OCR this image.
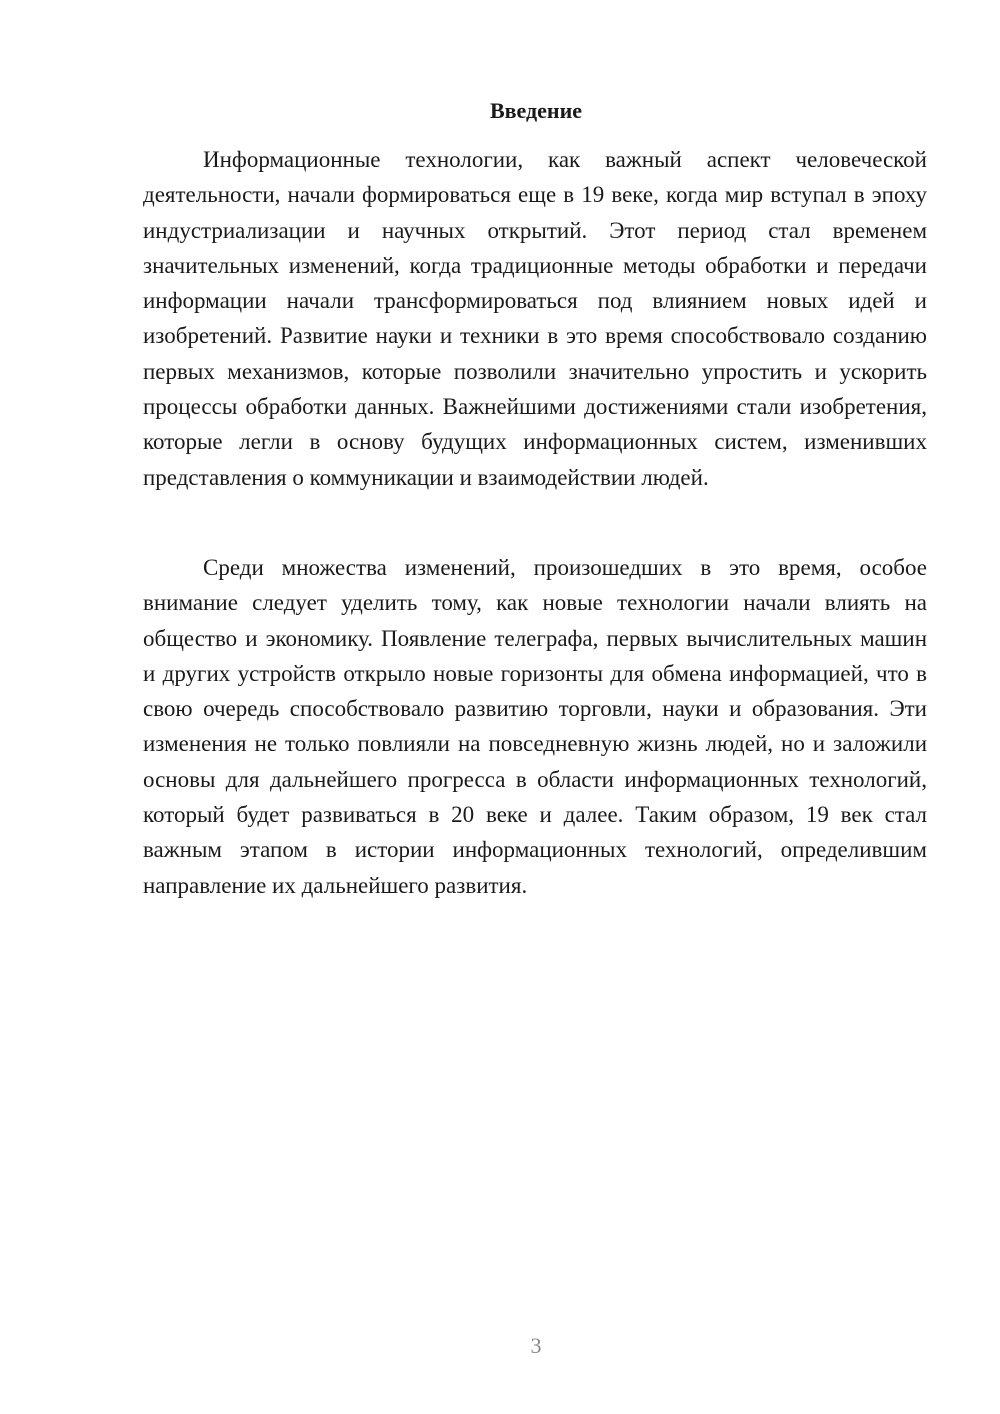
Введение

Информационные технологии, как важный аспект человеческой деятельности, начали формироваться еще в 19 веке, когда мир вступал в эпоху индустриализации и научных открытий. Этот период стал временем значительных изменений, когда традиционные методы обработки и передачи информации начали трансформироваться под влиянием новых идей и изобретений. Развитие науки и техники в это время способствовало созданию первых механизмов, которые позволили значительно упростить и ускорить процессы обработки данных. Важнейшими достижениями стали изобретения, которые легли в основу будущих информационных систем, изменивших представления о коммуникации и взаимодействии людей.

Среди множества изменений, произошедших в это время, особое внимание следует уделить тому, как новые технологии начали влиять на общество и экономику. Появление телеграфа, первых вычислительных машин и других устройств открыло новые горизонты для обмена информацией, что в свою очередь способствовало развитию торговли, науки и образования. Эти изменения не только повлияли на повседневную жизнь людей, но и заложили основы для дальнейшего прогресса в области информационных технологий, который будет развиваться в 20 веке и далее. Таким образом, 19 век стал важным этапом в истории информационных технологий, определившим направление их дальнейшего развития.

3
